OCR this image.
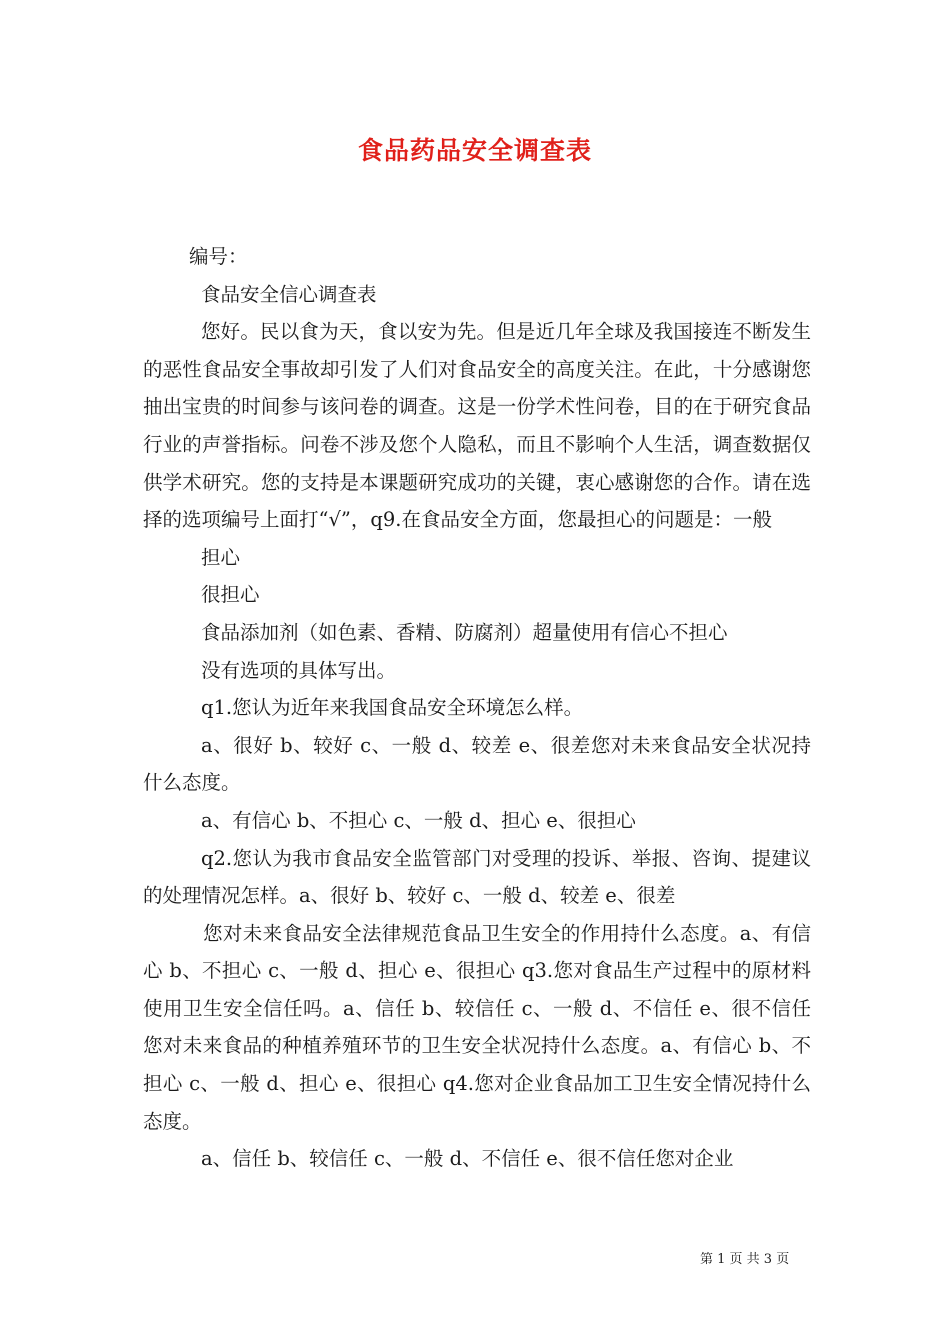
食品药品安全调查表

编号：

食品安全信心调查表

您好。民以食为天，食以安为先。但是近几年全球及我国接连不断发生的恶性食品安全事故却引发了人们对食品安全的高度关注。在此，十分感谢您抽出宝贵的时间参与该问卷的调查。这是一份学术性问卷，目的在于研究食品行业的声誉指标。问卷不涉及您个人隐私，而且不影响个人生活，调查数据仅供学术研究。您的支持是本课题研究成功的关键，衷心感谢您的合作。请在选择的选项编号上面打“√”，q9.在食品安全方面，您最担心的问题是：一般

担心

很担心

食品添加剂（如色素、香精、防腐剂）超量使用有信心不担心

没有选项的具体写出。

q1.您认为近年来我国食品安全环境怎么样。

a、很好 b、较好 c、一般 d、较差 e、很差您对未来食品安全状况持什么态度。

a、有信心 b、不担心 c、一般 d、担心 e、很担心

q2.您认为我市食品安全监管部门对受理的投诉、举报、咨询、提建议的处理情况怎样。a、很好 b、较好 c、一般 d、较差 e、很差

您对未来食品安全法律规范食品卫生安全的作用持什么态度。a、有信心 b、不担心 c、一般 d、担心 e、很担心 q3.您对食品生产过程中的原材料使用卫生安全信任吗。a、信任 b、较信任 c、一般 d、不信任 e、很不信任您对未来食品的种植养殖环节的卫生安全状况持什么态度。a、有信心 b、不担心 c、一般 d、担心 e、很担心 q4.您对企业食品加工卫生安全情况持什么态度。

a、信任 b、较信任 c、一般 d、不信任 e、很不信任您对企业

第 1 页 共 3 页
